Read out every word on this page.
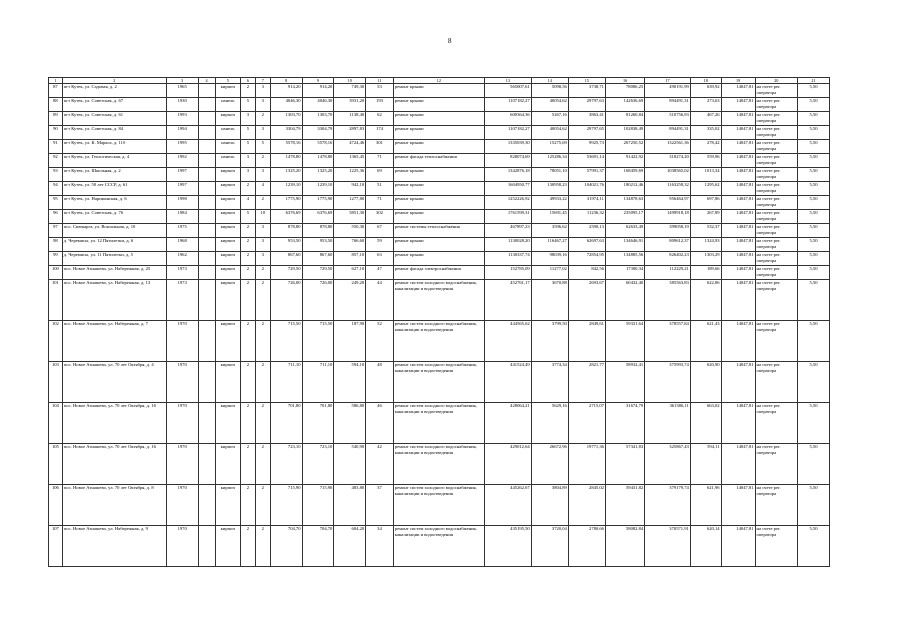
8
1	2	3	4	5	6	7	8	9	10	11	12	13	14	15	16	17	18	19	20	21
87	пгт Кутек, ул. Садовая, д. 2	1965		кирпич	2	3	914,20	914,20	749,30	53	ремонт крыши	565007,61	5098,56	3738,71	78086,25	490191,99	639,92	14047,81	на счете рег. оператора	5,50
88	пгт Кутек, ул. Советская, д. 67	1930		панель	5	3	4046,30	4046,30	3931,20	193	ремонт крыши	1107182,27	40054,62	29797,63	142636,69	894491,31	273,63	14047,81	на счете рег. оператора	5,50
89	пгт Кутек, ул. Советская, д. 61	1993		кирпич	3	2	1303,70	1303,70	1138,40	62	ремонт крыши	600364,36	5267,16	3863,41	81260,84	510756,93	467,26	14047,81	на счете рег. оператора	5,50
90	пгт Кутек, ул. Советская, д. 84	1994		панель	5	3	3304,79	3304,79	2897,83	174	ремонт крыши	1107182,27	40054,62	29797,65	102838,49	894491,31	335,02	14047,81	на счете рег. оператора	5,50
91	пгт Кутек, ул. К. Маркса, д. 11б	1995		панель	5	5	5578,16	5578,16	4724,46	301	ремонт крыши	1335039,30	15275,69	9925,73	267250,52	1322561,36	278,42	14047,81	на счете рег. оператора	5,50
92	пгт Кутек, ул. Геологическая, д. 4	1992		панель	3	2	1478,80	1478,80	1365,45	71	ремонт фасада теплоснабжения	828074,69	125286,34	53691,14	91422,92	318274,20	559,96	14047,81	на счете рег. оператора	5,50
93	пгт Кутек, ул. Школьная, д. 2	1997		кирпич	3	3	1325,20	1325,20	1225,36	69	ремонт крыши	1342876,18	78051,10	57991,37	168459,69	1038565,02	1013,34	14047,81	на счете рег. оператора	5,50
94	пгт Кутек, ул. 50 лет СССР, д. 61	1997		кирпич	2	4	1239,10	1239,10	942,10	51	ремонт крыши	1604950,77	130958,23	104021,76	180212,46	1163258,32	1295,62	14047,81	на счете рег. оператора	5,50
95	пгт Кутек, ул. Нариманская, д. 6	1998		кирпич	4	2	1775,90	1775,90	1277,80	71	ремонт крыши	1252226,92	49933,22	31974,11	134878,63	956464,97	697,86	14047,81	на счете рег. оператора	5,50
96	пгт Кутек, ул. Советская, д. 76	1984		кирпич	5	10	6376,69	6376,69	5851,30	302	ремонт крыши	1761599,31	15691,45	11236,32	235095,17	1499918,18	267,89	14047,81	на счете рег. оператора	5,50
97	пос. Сиюкарга, ул. Вокзальная, д. 10	1975		кирпич	2	3	878,80	878,80	550,30	67	ремонт системы теплоснабжения	467897,23	3596,62	2590,13	62633,49	399058,19	532,37	14047,81	на счете рег. оператора	5,50
98	д. Черемисы, ул. 12 Пятилетки, д. 6	1968		кирпич	2	3	953,50	953,50	766,60	59	ремонт крыши	1130028,20	116467,27	62697,63	134646,91	809612,37	1324,93	14047,81	на счете рег. оператора	5,50
99	д. Черемисы, ул. 11 Пятилетки, д. 5	1962		кирпич	2	3	867,60	867,60	857,10	63	ремонт крыши	1130337,74	98039,16	72854,95	134885,56	826402,23	1303,29	14047,81	на счете рег. оператора	5,50
100	пос. Новое Атнашево, ул. Набережная, д. 25	1973		кирпич	2	2	729,50	729,50	627,10	47	ремонт фасада электроснабжения	152785,09	11277,02	842,56	17390,34	112229,21	189,66	14047,81	на счете рег. оператора	5,50
101	пос. Новое Атнашево, ул. Набережная, д. 13	1973		кирпич	2	2	726,00	726,00	249,20	44	ремонт систем холодного водоснабжения, канализации и водоотведения	452761,17	3670,88	2693,67	60432,40	385563,83	622,86	14047,81	на счете рег. оператора	5,50
102	пос. Новое Атнашево, ул. Набережная, д. 7	1970		кирпич	2	2	715,50	715,50	187,90	52	ремонт систем холодного водоснабжения, канализации и водоотведения	444565,62	3799,50	2849,61	59331,64	378557,84	621,43	14047,81	на счете рег. оператора	5,50
103	пос. Новое Атнашево, ул. 70 лет Октября, д. 4	1970		кирпич	2	2	711,10	711,10	594,10	48	ремонт систем холодного водоснабжения, канализации и водоотведения	441524,49	3774,34	2821,77	58932,41	375993,74	620,90	14047,81	на счете рег. оператора	5,50
104	пос. Новое Атнашево, ул. 70 лет Октября, д. 16	1970		кирпич	2	2	701,80	701,80	586,80	46	ремонт систем холодного водоснабжения, канализации и водоотведения	428064,21	5629,16	2715,07	31674,79	361386,11	663,02	14047,81	на счете рег. оператора	5,50
105	пос. Новое Атнашево, ул. 70 лет Октября, д. 16	1970		кирпич	2	2	723,10	723,10	540,90	42	ремонт систем холодного водоснабжения, канализации и водоотведения	429012,64	26672,96	19771,36	57341,83	325867,43	594,11	14047,81	на счете рег. оператора	5,50
106	пос. Новое Атнашево, ул. 70 лет Октября, д. 8	1970		кирпич	2	2	715,90	715,90	483,80	37	ремонт систем холодного водоснабжения, канализации и водоотведения	445262,67	3804,89	2845,02	59431,82	379179,74	621,96	14047,81	на счете рег. оператора	5,50
107	пос. Новое Атнашево, ул. Набережная, д. 9	1970		кирпич	2	2	704,70	704,70	604,20	34	ремонт систем холодного водоснабжения, канализации и водоотведения	435195,50	3720,04	2780,66	58082,84	370571,91	620,14	14047,81	на счете рег. оператора	5,50
